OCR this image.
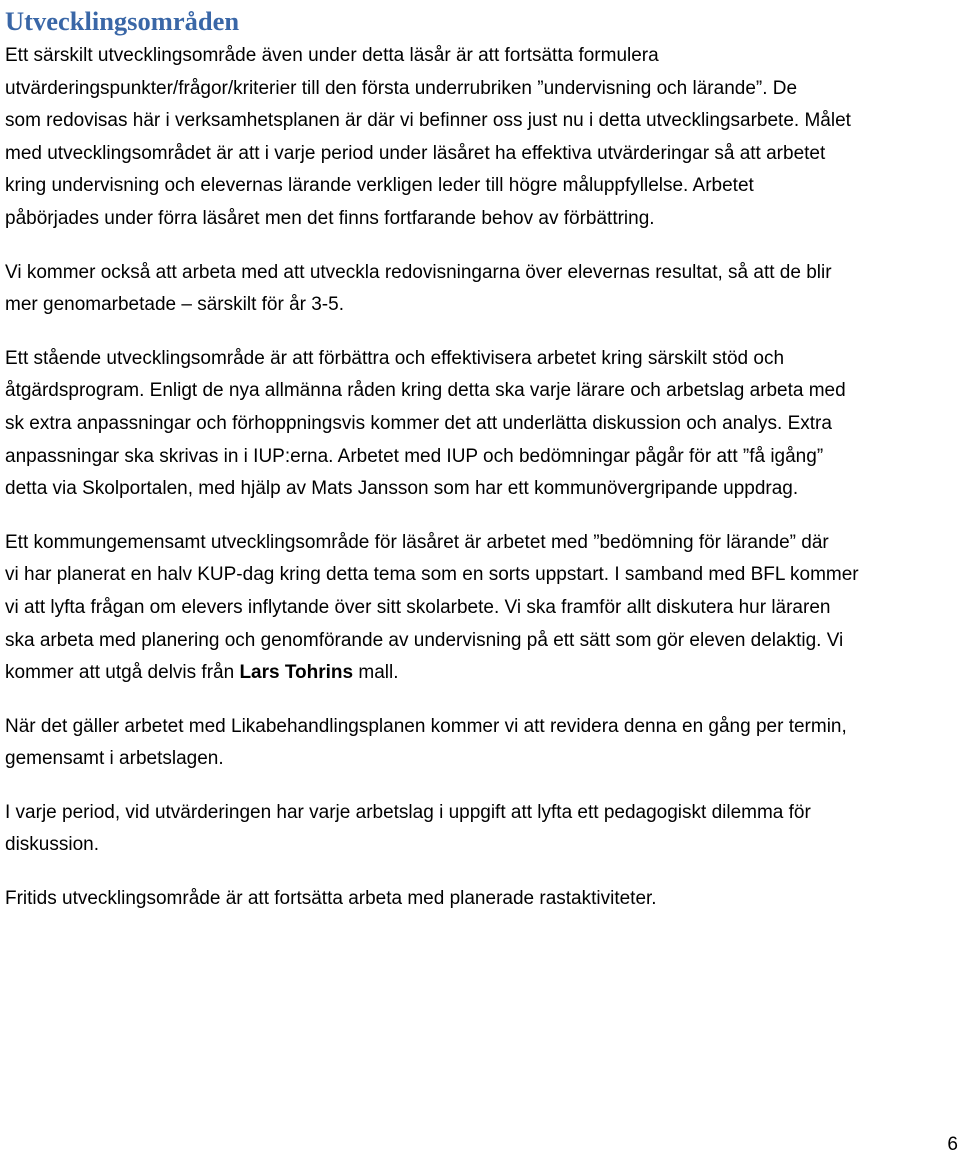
Utvecklingsområden

Ett särskilt utvecklingsområde även under detta läsår är att fortsätta formulera
utvärderingspunkter/frågor/kriterier till den första underrubriken ”undervisning och lärande”. De
som redovisas här i verksamhetsplanen är där vi befinner oss just nu i detta utvecklingsarbete. Målet
med utvecklingsområdet är att i varje period under läsåret ha effektiva utvärderingar så att arbetet
kring undervisning och elevernas lärande verkligen leder till högre måluppfyllelse. Arbetet
påbörjades under förra läsåret men det finns fortfarande behov av förbättring.

Vi kommer också att arbeta med att utveckla redovisningarna över elevernas resultat, så att de blir
mer genomarbetade – särskilt för år 3-5.

Ett stående utvecklingsområde är att förbättra och effektivisera arbetet kring särskilt stöd och
åtgärdsprogram. Enligt de nya allmänna råden kring detta ska varje lärare och arbetslag arbeta med
sk extra anpassningar och förhoppningsvis kommer det att underlätta diskussion och analys. Extra
anpassningar ska skrivas in i IUP:erna. Arbetet med IUP och bedömningar pågår för att ”få igång”
detta via Skolportalen, med hjälp av Mats Jansson som har ett kommunövergripande uppdrag.

Ett kommungemensamt utvecklingsområde för läsåret är arbetet med ”bedömning för lärande” där
vi har planerat en halv KUP-dag kring detta tema som en sorts uppstart. I samband med BFL kommer
vi att lyfta frågan om elevers inflytande över sitt skolarbete. Vi ska framför allt diskutera hur läraren
ska arbeta med planering och genomförande av undervisning på ett sätt som gör eleven delaktig. Vi
kommer att utgå delvis från Lars Tohrins mall.

När det gäller arbetet med Likabehandlingsplanen kommer vi att revidera denna en gång per termin,
gemensamt i arbetslagen.

I varje period, vid utvärderingen har varje arbetslag i uppgift att lyfta ett pedagogiskt dilemma för
diskussion.

Fritids utvecklingsområde är att fortsätta arbeta med planerade rastaktiviteter.

6
